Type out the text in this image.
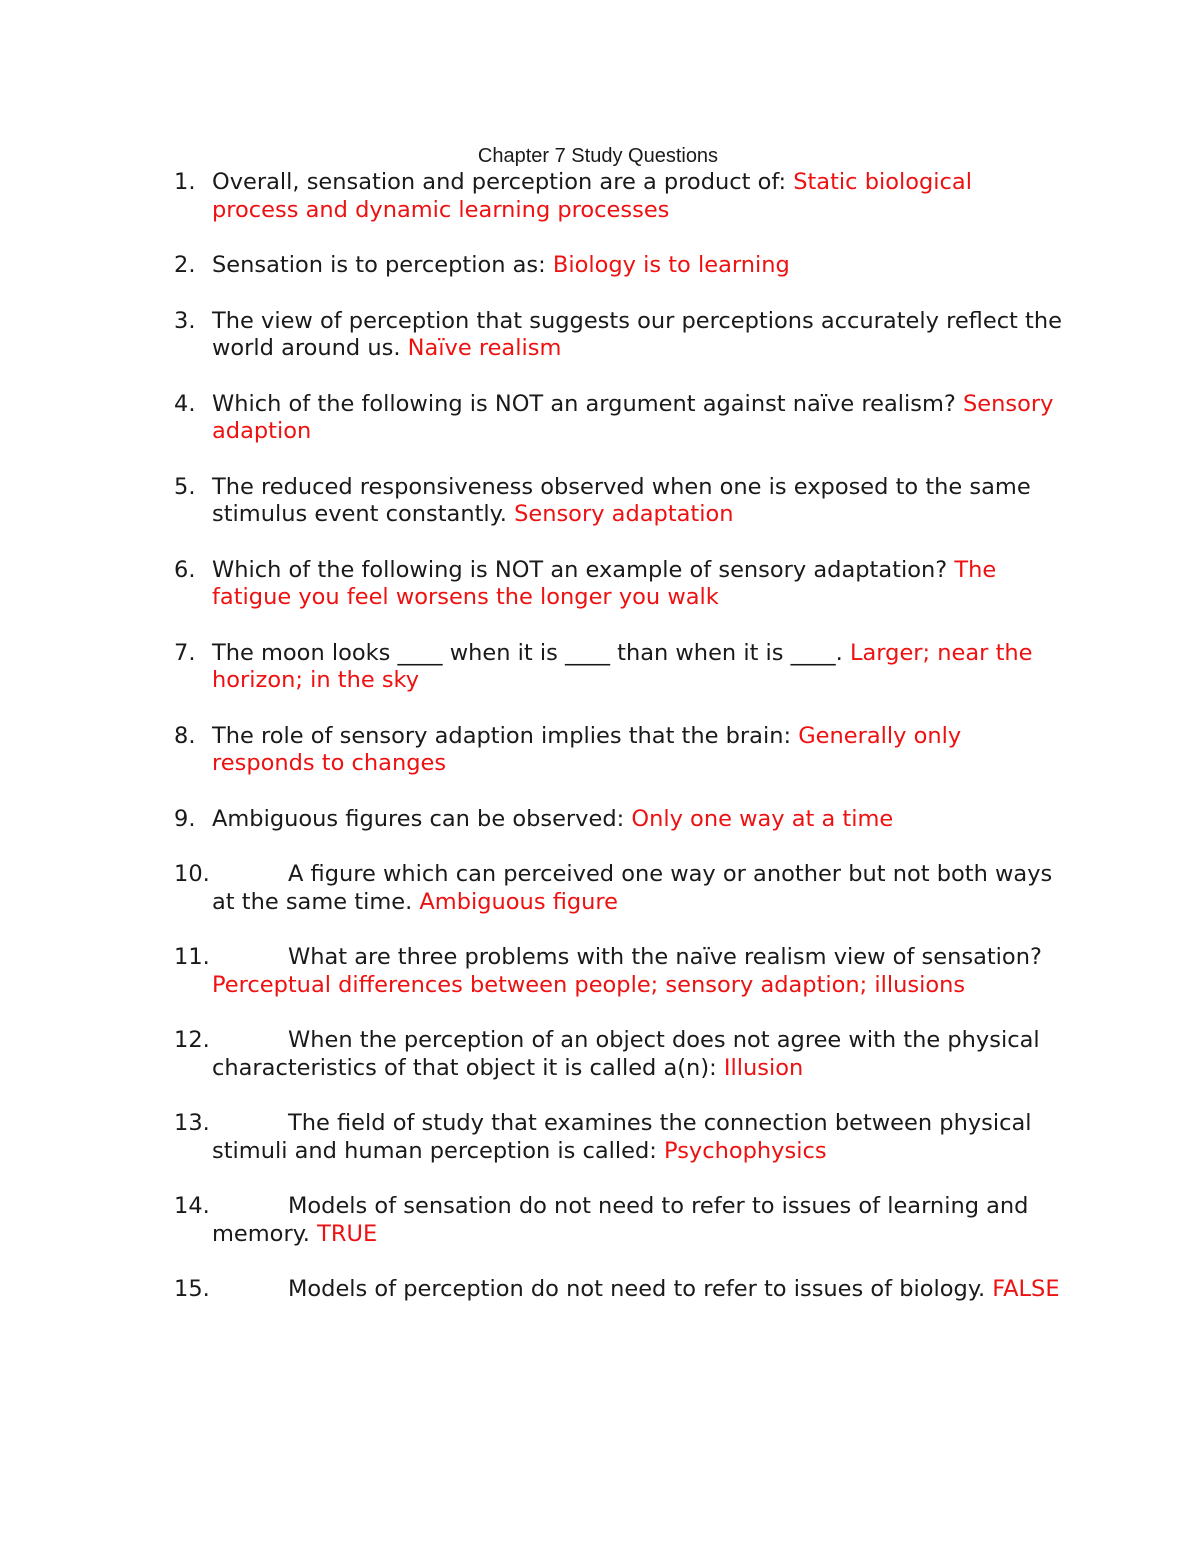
Chapter 7 Study Questions
1. Overall, sensation and perception are a product of: Static biological process and dynamic learning processes
2. Sensation is to perception as: Biology is to learning
3. The view of perception that suggests our perceptions accurately reflect the world around us. Naïve realism
4. Which of the following is NOT an argument against naïve realism? Sensory adaption
5. The reduced responsiveness observed when one is exposed to the same stimulus event constantly. Sensory adaptation
6. Which of the following is NOT an example of sensory adaptation? The fatigue you feel worsens the longer you walk
7. The moon looks ____ when it is ____ than when it is ____. Larger; near the horizon; in the sky
8. The role of sensory adaption implies that the brain: Generally only responds to changes
9. Ambiguous figures can be observed: Only one way at a time
10.	A figure which can perceived one way or another but not both ways at the same time. Ambiguous figure
11.	What are three problems with the naïve realism view of sensation? Perceptual differences between people; sensory adaption; illusions
12.	When the perception of an object does not agree with the physical characteristics of that object it is called a(n): Illusion
13.	The field of study that examines the connection between physical stimuli and human perception is called: Psychophysics
14.	Models of sensation do not need to refer to issues of learning and memory. TRUE
15.	Models of perception do not need to refer to issues of biology. FALSE
